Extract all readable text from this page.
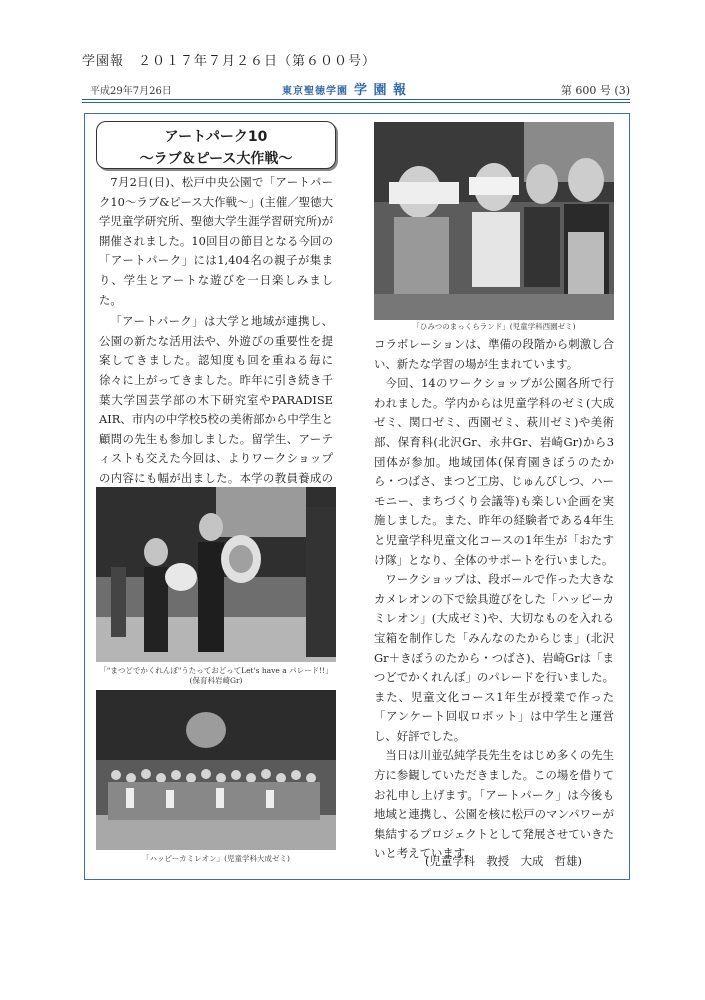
学園報　２０１７年７月２６日（第６００号）
平成29年7月26日	東京聖徳学園 学 園 報	第 600 号 (3)
アートパーク10
～ラブ＆ピース大作戦～

7月2日(日)、松戸中央公園で「アートパーク10～ラブ&ピース大作戦～」(主催／聖徳大学児童学研究所、聖徳大学生涯学習研究所)が開催されました。10回目の節目となる今回の「アートパーク」には1,404名の親子が集まり、学生とアートな遊びを一日楽しみました。

「アートパーク」は大学と地域が連携し、公園の新たな活用法や、外遊びの重要性を提案してきました。認知度も回を重ねる毎に徐々に上がってきました。昨年に引き続き千葉大学国芸学部の木下研究室やPARADISE AIR、市内の中学校5校の美術部から中学生と顧問の先生も参加しました。留学生、アーティストも交えた今回は、よりワークショップの内容にも幅が出ました。本学の教員養成の

「ひみつのまっくらランド」(児童学科西園ゼミ)

コラボレーションは、準備の段階から刺激し合い、新たな学習の場が生まれています。

今回、14のワークショップが公園各所で行われました。学内からは児童学科のゼミ(大成ゼミ、関口ゼミ、西園ゼミ、萩川ゼミ)や美術部、保育科(北沢Gr、永井Gr、岩崎Gr)から3団体が参加。地域団体(保育園きぼうのたから・つばさ、まつど工房、じゅんびしつ、ハーモニー、まちづくり会議等)も楽しい企画を実施しました。また、昨年の経験者である4年生と児童学科児童文化コースの1年生が「おたすけ隊」となり、全体のサポートを行いました。

ワークショップは、段ボールで作った大きなカメレオンの下で絵具遊びをした「ハッピーカミレオン」(大成ゼミ)や、大切なものを入れる宝箱を制作した「みんなのたからじま」(北沢Gr＋きぼうのたから・つばさ)、岩崎Grは「まつどでかくれんぼ」のパレードを行いました。また、児童文化コース1年生が授業で作った「アンケート回収ロボット」は中学生と運営し、好評でした。

当日は川並弘純学長先生をはじめ多くの先生方に参観していただきました。この場を借りてお礼申し上げます。「アートパーク」は今後も地域と連携し、公園を核に松戸のマンパワーが集結するプロジェクトとして発展させていきたいと考えています。

(児童学科　教授　大成　哲雄)
「"まつどでかくれんぼ"うたっておどってLet's have a パレード!!」
(保育科岩崎Gr)
「ハッピーカミレオン」(児童学科大成ゼミ)
